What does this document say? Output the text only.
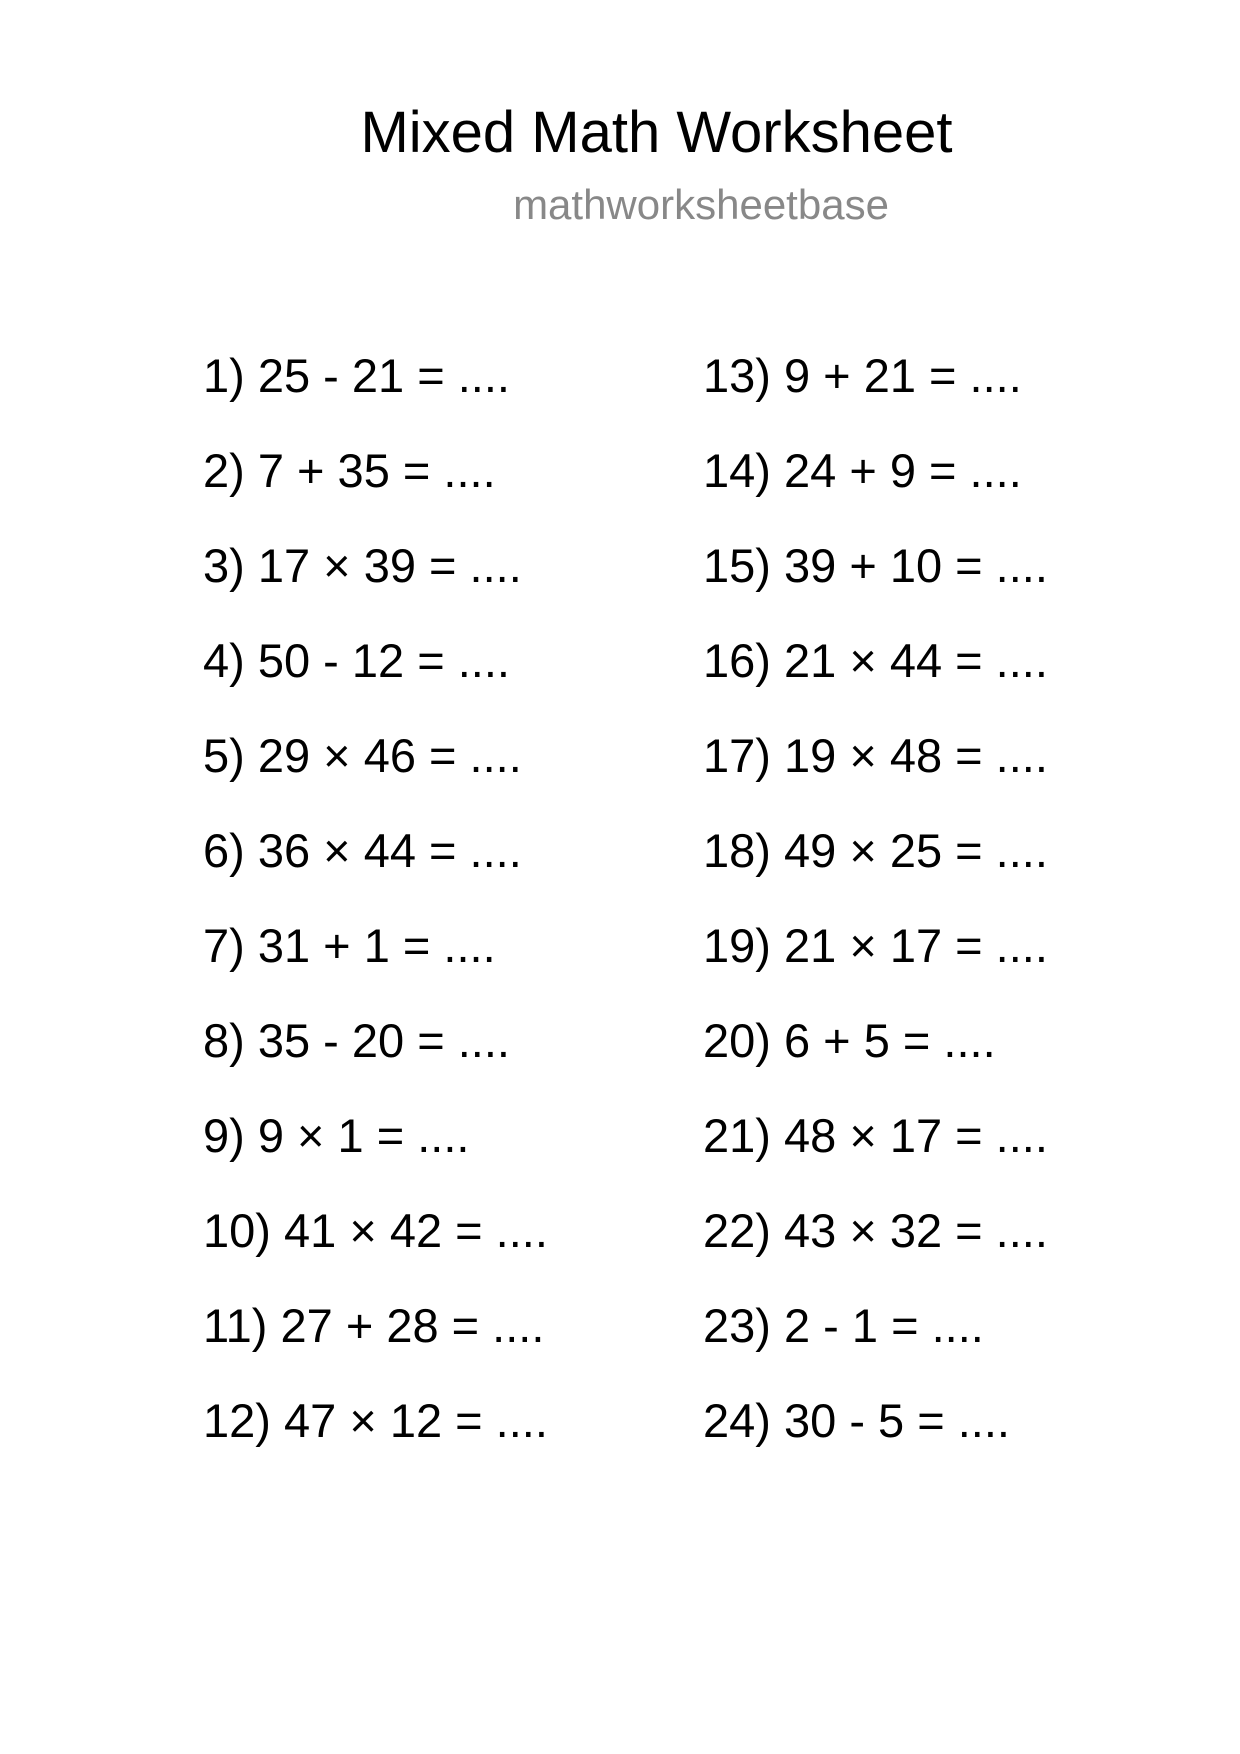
Mixed Math Worksheet
mathworksheetbase
1) 25 - 21 = ....
2) 7 + 35 = ....
3) 17 × 39 = ....
4) 50 - 12 = ....
5) 29 × 46 = ....
6) 36 × 44 = ....
7) 31 + 1 = ....
8) 35 - 20 = ....
9) 9 × 1 = ....
10) 41 × 42 = ....
11) 27 + 28 = ....
12) 47 × 12 = ....
13) 9 + 21 = ....
14) 24 + 9 = ....
15) 39 + 10 = ....
16) 21 × 44 = ....
17) 19 × 48 = ....
18) 49 × 25 = ....
19) 21 × 17 = ....
20) 6 + 5 = ....
21) 48 × 17 = ....
22) 43 × 32 = ....
23) 2 - 1 = ....
24) 30 - 5 = ....
